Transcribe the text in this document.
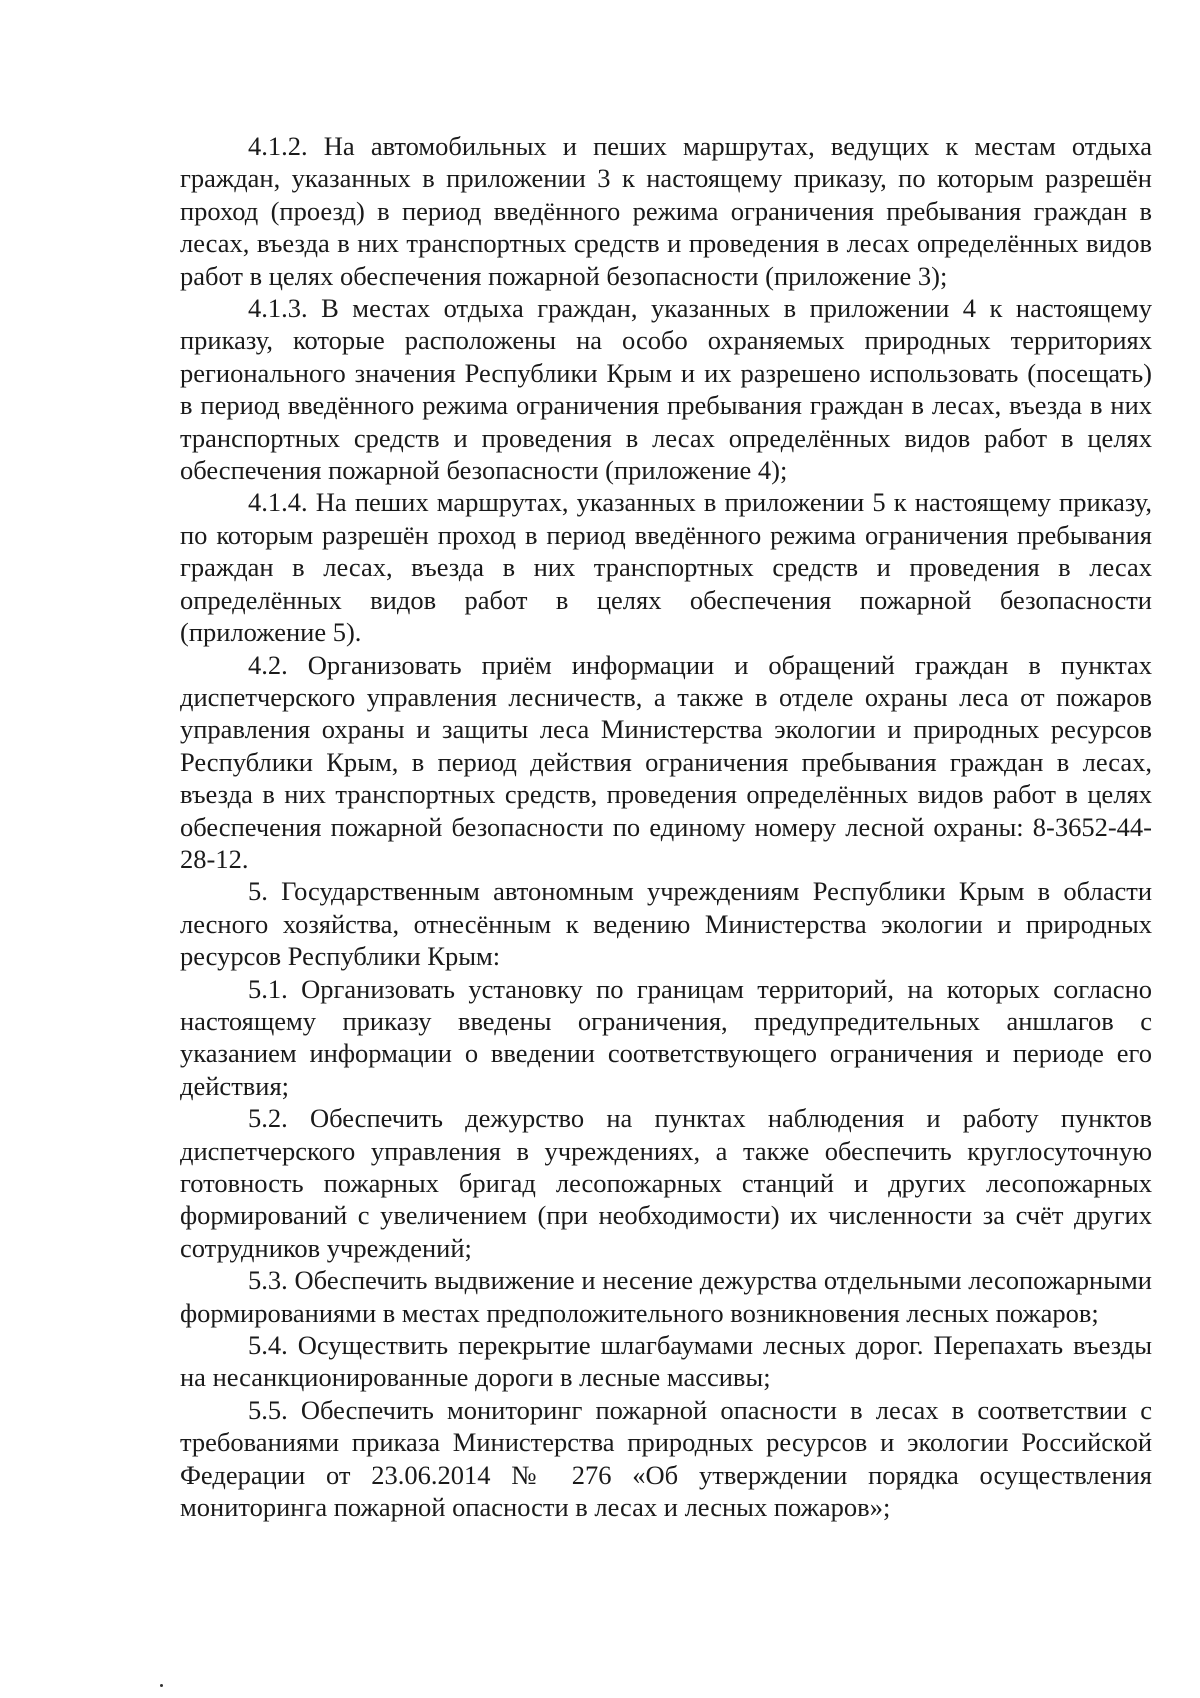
4.1.2. На автомобильных и пеших маршрутах, ведущих к местам отдыха граждан, указанных в приложении 3 к настоящему приказу, по которым разрешён проход (проезд) в период введённого режима ограничения пребывания граждан в лесах, въезда в них транспортных средств и проведения в лесах определённых видов работ в целях обеспечения пожарной безопасности (приложение 3);

4.1.3. В местах отдыха граждан, указанных в приложении 4 к настоящему приказу, которые расположены на особо охраняемых природных территориях регионального значения Республики Крым и их разрешено использовать (посещать) в период введённого режима ограничения пребывания граждан в лесах, въезда в них транспортных средств и проведения в лесах определённых видов работ в целях обеспечения пожарной безопасности (приложение 4);

4.1.4. На пеших маршрутах, указанных в приложении 5 к настоящему приказу, по которым разрешён проход в период введённого режима ограничения пребывания граждан в лесах, въезда в них транспортных средств и проведения в лесах определённых видов работ в целях обеспечения пожарной безопасности (приложение 5).

4.2. Организовать приём информации и обращений граждан в пунктах диспетчерского управления лесничеств, а также в отделе охраны леса от пожаров управления охраны и защиты леса Министерства экологии и природных ресурсов Республики Крым, в период действия ограничения пребывания граждан в лесах, въезда в них транспортных средств, проведения определённых видов работ в целях обеспечения пожарной безопасности по единому номеру лесной охраны: 8-3652-44-28-12.

5. Государственным автономным учреждениям Республики Крым в области лесного хозяйства, отнесённым к ведению Министерства экологии и природных ресурсов Республики Крым:

5.1. Организовать установку по границам территорий, на которых согласно настоящему приказу введены ограничения, предупредительных аншлагов с указанием информации о введении соответствующего ограничения и периоде его действия;

5.2. Обеспечить дежурство на пунктах наблюдения и работу пунктов диспетчерского управления в учреждениях, а также обеспечить круглосуточную готовность пожарных бригад лесопожарных станций и других лесопожарных формирований с увеличением (при необходимости) их численности за счёт других сотрудников учреждений;

5.3. Обеспечить выдвижение и несение дежурства отдельными лесопожарными формированиями в местах предположительного возникновения лесных пожаров;

5.4. Осуществить перекрытие шлагбаумами лесных дорог. Перепахать въезды на несанкционированные дороги в лесные массивы;

5.5. Обеспечить мониторинг пожарной опасности в лесах в соответствии с требованиями приказа Министерства природных ресурсов и экологии Российской Федерации от 23.06.2014 № 276 «Об утверждении порядка осуществления мониторинга пожарной опасности в лесах и лесных пожаров»;
